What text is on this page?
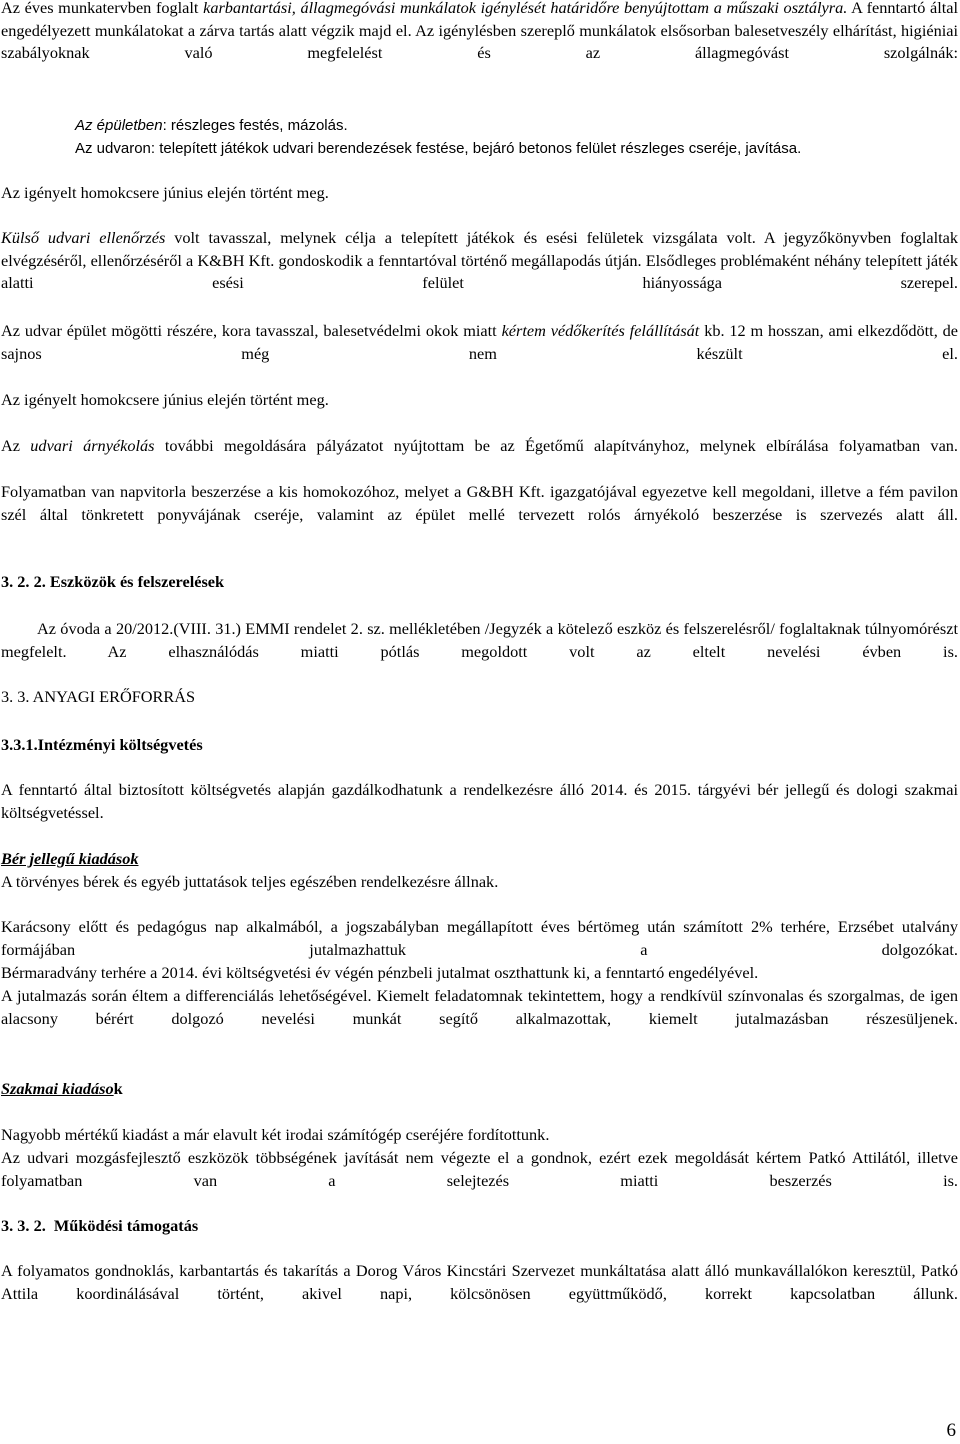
Az éves munkatervben foglalt karbantartási, állagmegóvási munkálatok igénylését határidőre benyújtottam a műszaki osztályra. A fenntartó által engedélyezett munkálatokat a zárva tartás alatt végzik majd el. Az igénylésben szereplő munkálatok elsősorban balesetveszély elhárítást, higiéniai szabályoknak való megfelelést és az állagmegóvást szolgálnák:

Az épületben: részleges festés, mázolás.

Az udvaron: telepített játékok udvari berendezések festése, bejáró betonos felület részleges cseréje, javítása.

Az igényelt homokcsere június elején történt meg.

Külső udvari ellenőrzés volt tavasszal, melynek célja a telepített játékok és esési felületek vizsgálata volt. A jegyzőkönyvben foglaltak elvégzéséről, ellenőrzéséről a K&BH Kft. gondoskodik a fenntartóval történő megállapodás útján. Elsődleges problémaként néhány telepített játék alatti esési felület hiányossága szerepel.

Az udvar épület mögötti részére, kora tavasszal, balesetvédelmi okok miatt kértem védőkerítés felállítását kb. 12 m hosszan, ami elkezdődött, de sajnos még nem készült el.

Az igényelt homokcsere június elején történt meg.

Az udvari árnyékolás további megoldására pályázatot nyújtottam be az Égetőmű alapítványhoz, melynek elbírálása folyamatban van.

Folyamatban van napvitorla beszerzése a kis homokozóhoz, melyet a G&BH Kft. igazgatójával egyezetve kell megoldani, illetve a fém pavilon szél által tönkretett ponyvájának cseréje, valamint az épület mellé tervezett rolós árnyékoló beszerzése is szervezés alatt áll.

3. 2. 2. Eszközök és felszerelések

Az óvoda a 20/2012.(VIII. 31.) EMMI rendelet 2. sz. mellékletében /Jegyzék a kötelező eszköz és felszerelésről/ foglaltaknak túlnyomórészt megfelelt. Az elhasználódás miatti pótlás megoldott volt az eltelt nevelési évben is.

3. 3. ANYAGI ERŐFORRÁS

3.3.1.Intézményi költségvetés

A fenntartó által biztosított költségvetés alapján gazdálkodhatunk a rendelkezésre álló 2014. és 2015. tárgyévi bér jellegű és dologi szakmai költségvetéssel.

Bér jellegű kiadások

A törvényes bérek és egyéb juttatások teljes egészében rendelkezésre állnak.

Karácsony előtt és pedagógus nap alkalmából, a jogszabályban megállapított éves bértömeg után számított 2% terhére, Erzsébet utalvány formájában jutalmazhattuk a dolgozókat.

Bérmaradvány terhére a 2014. évi költségvetési év végén pénzbeli jutalmat oszthattunk ki, a fenntartó engedélyével.

A jutalmazás során éltem a differenciálás lehetőségével. Kiemelt feladatomnak tekintettem, hogy a rendkívül színvonalas és szorgalmas, de igen alacsony bérért dolgozó nevelési munkát segítő alkalmazottak, kiemelt jutalmazásban részesüljenek.

Szakmai kiadások

Nagyobb mértékű kiadást a már elavult két irodai számítógép cseréjére fordítottunk.

Az udvari mozgásfejlesztő eszközök többségének javítását nem végezte el a gondnok, ezért ezek megoldását kértem Patkó Attilától, illetve folyamatban van a selejtezés miatti beszerzés is.

3. 3. 2.  Működési támogatás

A folyamatos gondnoklás, karbantartás és takarítás a Dorog Város Kincstári Szervezet munkáltatása alatt álló munkavállalókon keresztül, Patkó Attila koordinálásával történt, akivel napi, kölcsönösen együttműködő, korrekt kapcsolatban állunk.

6
